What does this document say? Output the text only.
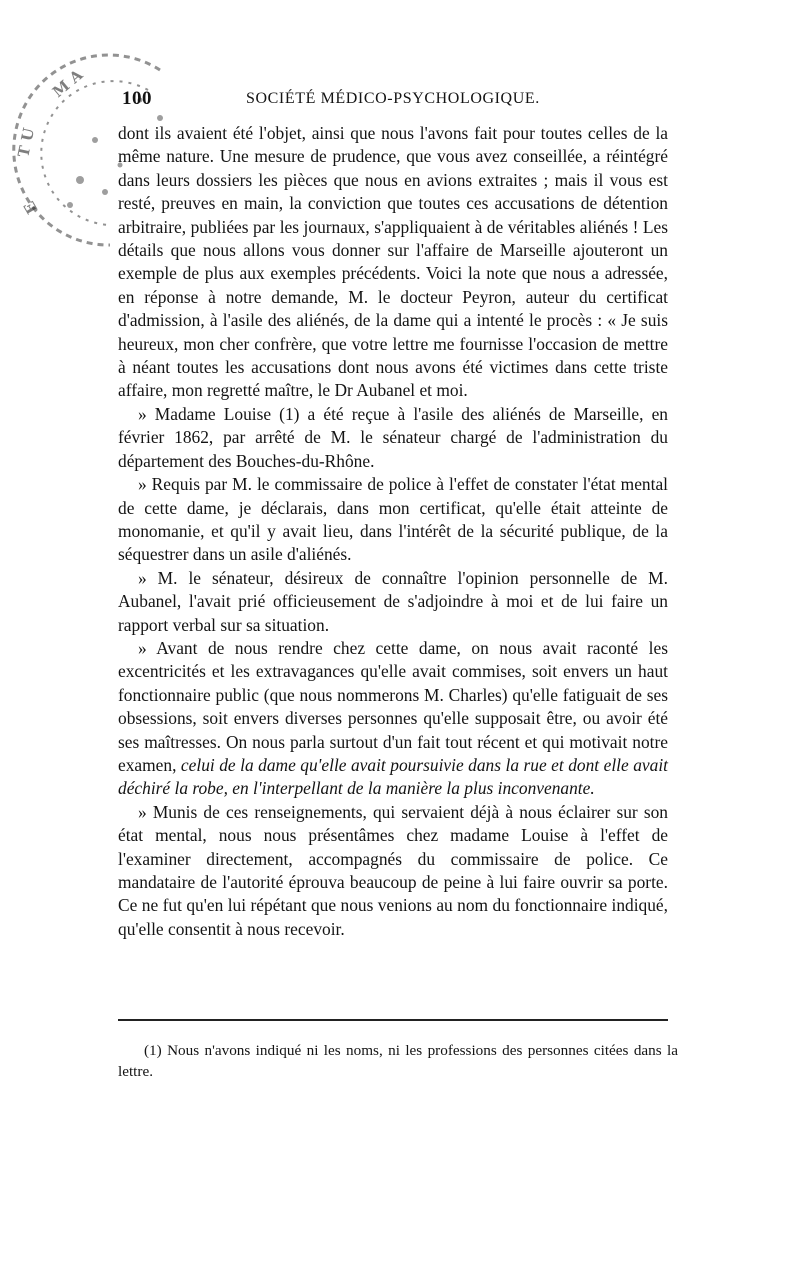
M A
T U
E
100	SOCIÉTÉ MÉDICO-PSYCHOLOGIQUE.

dont ils avaient été l'objet, ainsi que nous l'avons fait pour toutes celles de la même nature. Une mesure de prudence, que vous avez conseillée, a réintégré dans leurs dossiers les pièces que nous en avions extraites ; mais il vous est resté, preuves en main, la conviction que toutes ces accusations de détention arbitraire, publiées par les journaux, s'appliquaient à de véritables aliénés ! Les détails que nous allons vous donner sur l'affaire de Marseille ajouteront un exemple de plus aux exemples précédents. Voici la note que nous a adressée, en réponse à notre demande, M. le docteur Peyron, auteur du certificat d'admission, à l'asile des aliénés, de la dame qui a intenté le procès : « Je suis heureux, mon cher confrère, que votre lettre me fournisse l'occasion de mettre à néant toutes les accusations dont nous avons été victimes dans cette triste affaire, mon regretté maître, le Dr Aubanel et moi.

» Madame Louise (1) a été reçue à l'asile des aliénés de Marseille, en février 1862, par arrêté de M. le sénateur chargé de l'administration du département des Bouches-du-Rhône.

» Requis par M. le commissaire de police à l'effet de constater l'état mental de cette dame, je déclarais, dans mon certificat, qu'elle était atteinte de monomanie, et qu'il y avait lieu, dans l'intérêt de la sécurité publique, de la séquestrer dans un asile d'aliénés.

» M. le sénateur, désireux de connaître l'opinion personnelle de M. Aubanel, l'avait prié officieusement de s'adjoindre à moi et de lui faire un rapport verbal sur sa situation.

» Avant de nous rendre chez cette dame, on nous avait raconté les excentricités et les extravagances qu'elle avait commises, soit envers un haut fonctionnaire public (que nous nommerons M. Charles) qu'elle fatiguait de ses obsessions, soit envers diverses personnes qu'elle supposait être, ou avoir été ses maîtresses. On nous parla surtout d'un fait tout récent et qui motivait notre examen, celui de la dame qu'elle avait poursuivie dans la rue et dont elle avait déchiré la robe, en l'interpellant de la manière la plus inconvenante.

» Munis de ces renseignements, qui servaient déjà à nous éclairer sur son état mental, nous nous présentâmes chez madame Louise à l'effet de l'examiner directement, accompagnés du commissaire de police. Ce mandataire de l'autorité éprouva beaucoup de peine à lui faire ouvrir sa porte. Ce ne fut qu'en lui répétant que nous venions au nom du fonctionnaire indiqué, qu'elle consentit à nous recevoir.

(1) Nous n'avons indiqué ni les noms, ni les professions des personnes citées dans la lettre.
